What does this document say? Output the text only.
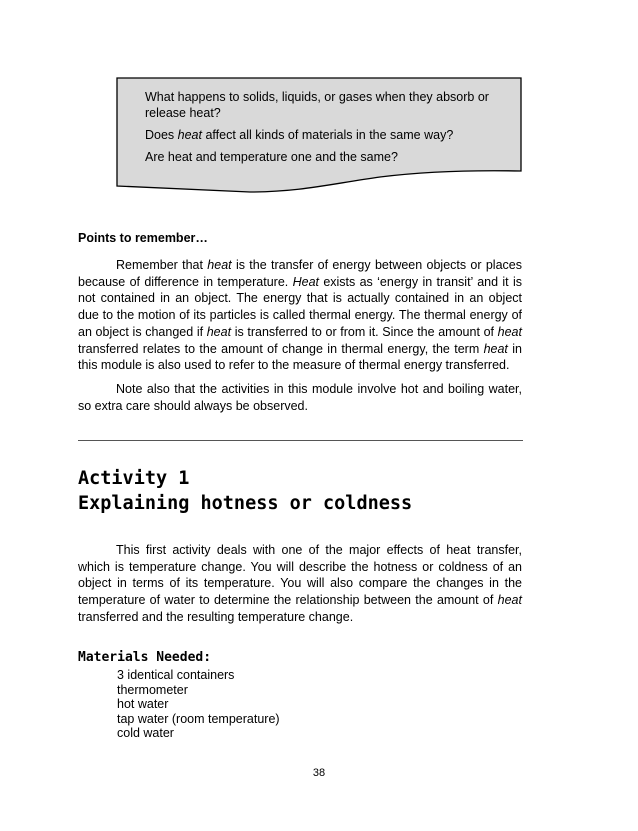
What happens to solids, liquids, or gases when they absorb or release heat?

Does heat affect all kinds of materials in the same way?

Are heat and temperature one and the same?

Points to remember…

Remember that heat is the transfer of energy between objects or places because of difference in temperature. Heat exists as ‘energy in transit’ and it is not contained in an object. The energy that is actually contained in an object due to the motion of its particles is called thermal energy. The thermal energy of an object is changed if heat is transferred to or from it. Since the amount of heat transferred relates to the amount of change in thermal energy, the term heat in this module is also used to refer to the measure of thermal energy transferred.

Note also that the activities in this module involve hot and boiling water, so extra care should always be observed.

Activity 1
Explaining hotness or coldness

This first activity deals with one of the major effects of heat transfer, which is temperature change. You will describe the hotness or coldness of an object in terms of its temperature. You will also compare the changes in the temperature of water to determine the relationship between the amount of heat transferred and the resulting temperature change.

Materials Needed:
3 identical containers
thermometer
hot water
tap water (room temperature)
cold water
38
